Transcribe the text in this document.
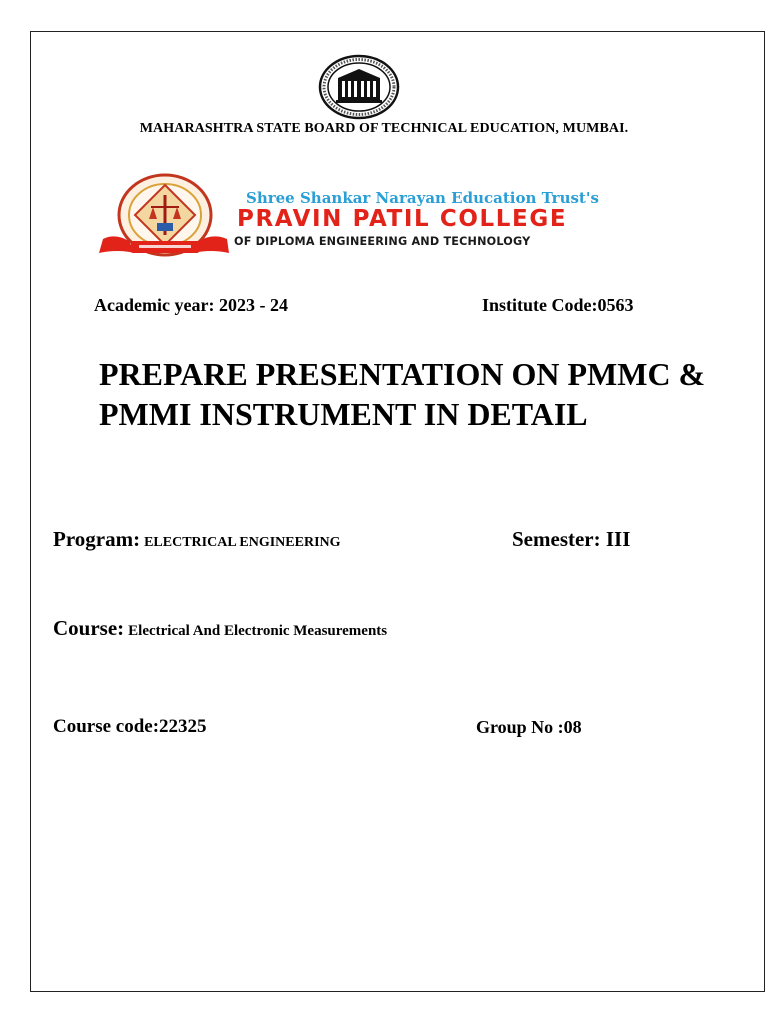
MAHARASHTRA STATE BOARD OF TECHNICAL EDUCATION, MUMBAI.
Shree Shankar Narayan Education Trust's
PRAVIN PATIL COLLEGE
OF DIPLOMA ENGINEERING AND TECHNOLOGY
Academic year: 2023 - 24	Institute Code:0563
PREPARE PRESENTATION ON PMMC &
PMMI INSTRUMENT IN DETAIL
Program: ELECTRICAL ENGINEERING	Semester: III
Course: Electrical And Electronic Measurements
Course code:22325	Group No :08
